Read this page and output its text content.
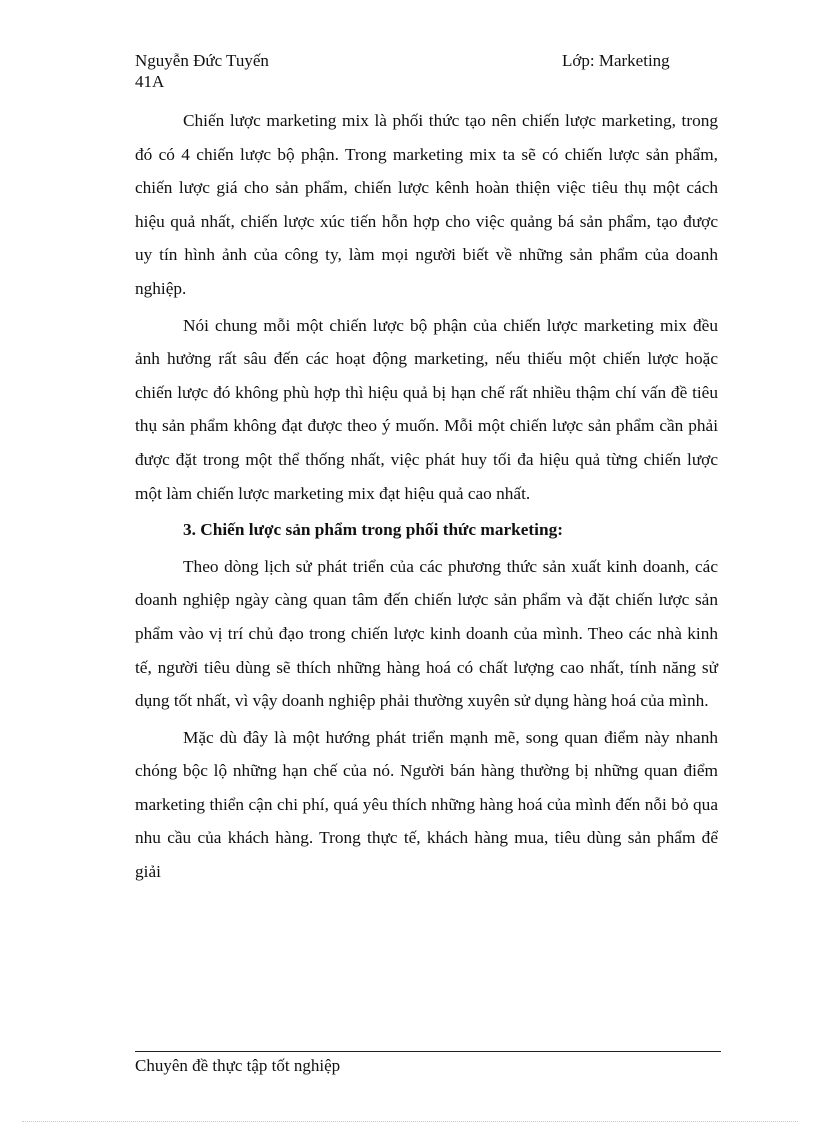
Nguyễn Đức Tuyến
41A
Lớp: Marketing

Chiến lược marketing mix là phối thức tạo nên chiến lược marketing, trong đó có 4 chiến lược bộ phận. Trong marketing mix ta sẽ có chiến lược sản phẩm, chiến lược giá cho sản phẩm, chiến lược kênh hoàn thiện việc tiêu thụ một cách hiệu quả nhất, chiến lược xúc tiến hỗn hợp cho việc quảng bá sản phẩm, tạo được uy tín hình ảnh của công ty, làm mọi người biết về những sản phẩm của doanh nghiệp.

Nói chung mỗi một chiến lược bộ phận của chiến lược marketing mix đều ảnh hưởng rất sâu đến các hoạt động marketing, nếu thiếu một chiến lược hoặc chiến lược đó không phù hợp thì hiệu quả bị hạn chế rất nhiều thậm chí vấn đề tiêu thụ sản phẩm không đạt được theo ý muốn. Mỗi một chiến lược sản phẩm cần phải được đặt trong một thể thống nhất, việc phát huy tối đa hiệu quả từng chiến lược một làm chiến lược marketing mix đạt hiệu quả cao nhất.

3. Chiến lược sản phẩm trong phối thức marketing:

Theo dòng lịch sử phát triển của các phương thức sản xuất kinh doanh, các doanh nghiệp ngày càng quan tâm đến chiến lược sản phẩm và đặt chiến lược sản phẩm vào vị trí chủ đạo trong chiến lược kinh doanh của mình. Theo các nhà kinh tế, người tiêu dùng sẽ thích những hàng hoá có chất lượng cao nhất, tính năng sử dụng tốt nhất, vì vậy doanh nghiệp phải thường xuyên sử dụng hàng hoá của mình.

Mặc dù đây là một hướng phát triển mạnh mẽ, song quan điểm này nhanh chóng bộc lộ những hạn chế của nó. Người bán hàng thường bị những quan điểm marketing thiển cận chi phí, quá yêu thích những hàng hoá của mình đến nỗi bỏ qua nhu cầu của khách hàng. Trong thực tế, khách hàng mua, tiêu dùng sản phẩm để giải

Chuyên đề thực tập tốt nghiệp
